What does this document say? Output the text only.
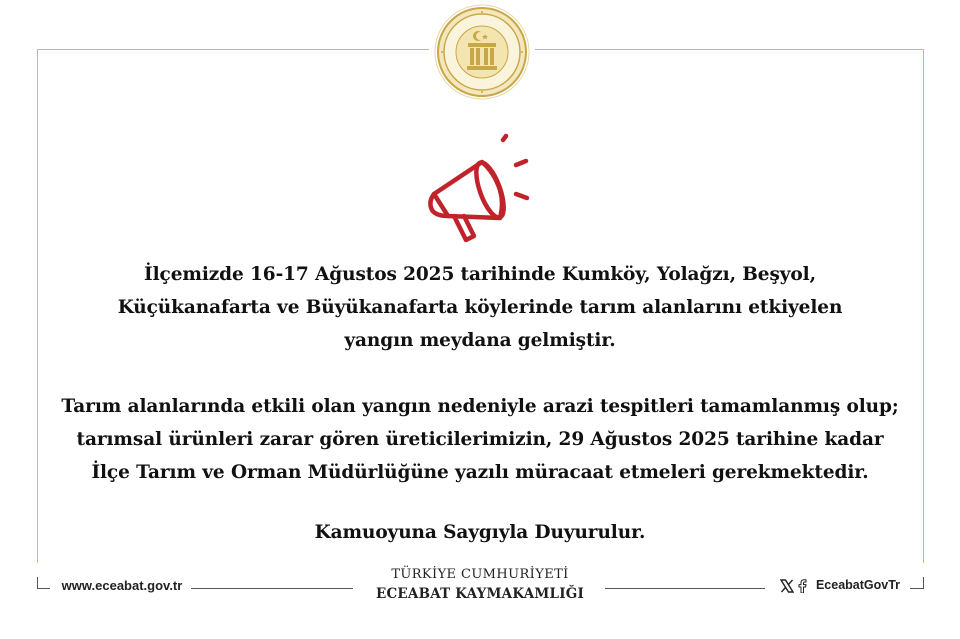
İlçemizde 16-17 Ağustos 2025 tarihinde Kumköy, Yolağzı, Beşyol,
Küçükanafarta ve Büyükanafarta köylerinde tarım alanlarını etkiyelen
yangın meydana gelmiştir.
Tarım alanlarında etkili olan yangın nedeniyle arazi tespitleri tamamlanmış olup;
tarımsal ürünleri zarar gören üreticilerimizin, 29 Ağustos 2025 tarihine kadar
İlçe Tarım ve Orman Müdürlüğüne yazılı müracaat etmeleri gerekmektedir.
Kamuoyuna Saygıyla Duyurulur.
www.eceabat.gov.tr
TÜRKİYE CUMHURİYETİ
ECEABAT KAYMAKAMLIĞI
EceabatGovTr
